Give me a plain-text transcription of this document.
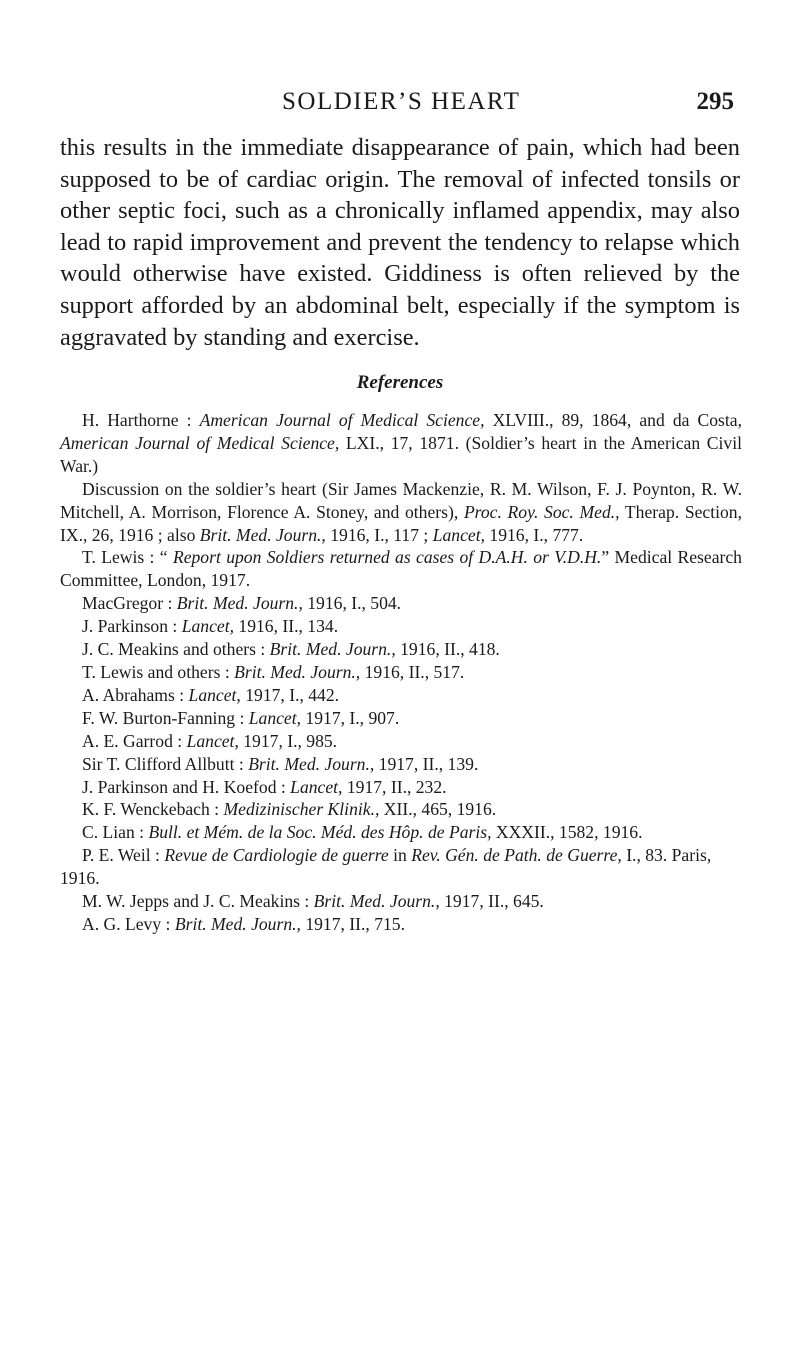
SOLDIER’S HEART	295

this results in the immediate disappearance of pain, which had been supposed to be of cardiac origin. The removal of infected tonsils or other septic foci, such as a chronically inflamed appendix, may also lead to rapid improvement and prevent the tendency to relapse which would otherwise have existed. Giddiness is often relieved by the support afforded by an abdominal belt, especially if the symptom is aggravated by standing and exercise.

References
H. Harthorne : American Journal of Medical Science, XLVIII., 89, 1864, and da Costa, American Journal of Medical Science, LXI., 17, 1871. (Soldier’s heart in the American Civil War.)
Discussion on the soldier’s heart (Sir James Mackenzie, R. M. Wilson, F. J. Poynton, R. W. Mitchell, A. Morrison, Florence A. Stoney, and others), Proc. Roy. Soc. Med., Therap. Section, IX., 26, 1916 ; also Brit. Med. Journ., 1916, I., 117 ; Lancet, 1916, I., 777.
T. Lewis : “ Report upon Soldiers returned as cases of D.A.H. or V.D.H.” Medical Research Committee, London, 1917.
MacGregor : Brit. Med. Journ., 1916, I., 504.
J. Parkinson : Lancet, 1916, II., 134.
J. C. Meakins and others : Brit. Med. Journ., 1916, II., 418.
T. Lewis and others : Brit. Med. Journ., 1916, II., 517.
A. Abrahams : Lancet, 1917, I., 442.
F. W. Burton-Fanning : Lancet, 1917, I., 907.
A. E. Garrod : Lancet, 1917, I., 985.
Sir T. Clifford Allbutt : Brit. Med. Journ., 1917, II., 139.
J. Parkinson and H. Koefod : Lancet, 1917, II., 232.
K. F. Wenckebach : Medizinischer Klinik., XII., 465, 1916.
C. Lian : Bull. et Mém. de la Soc. Méd. des Hôp. de Paris, XXXII., 1582, 1916.
P. E. Weil : Revue de Cardiologie de guerre in Rev. Gén. de Path. de Guerre, I., 83. Paris, 1916.
M. W. Jepps and J. C. Meakins : Brit. Med. Journ., 1917, II., 645.
A. G. Levy : Brit. Med. Journ., 1917, II., 715.
